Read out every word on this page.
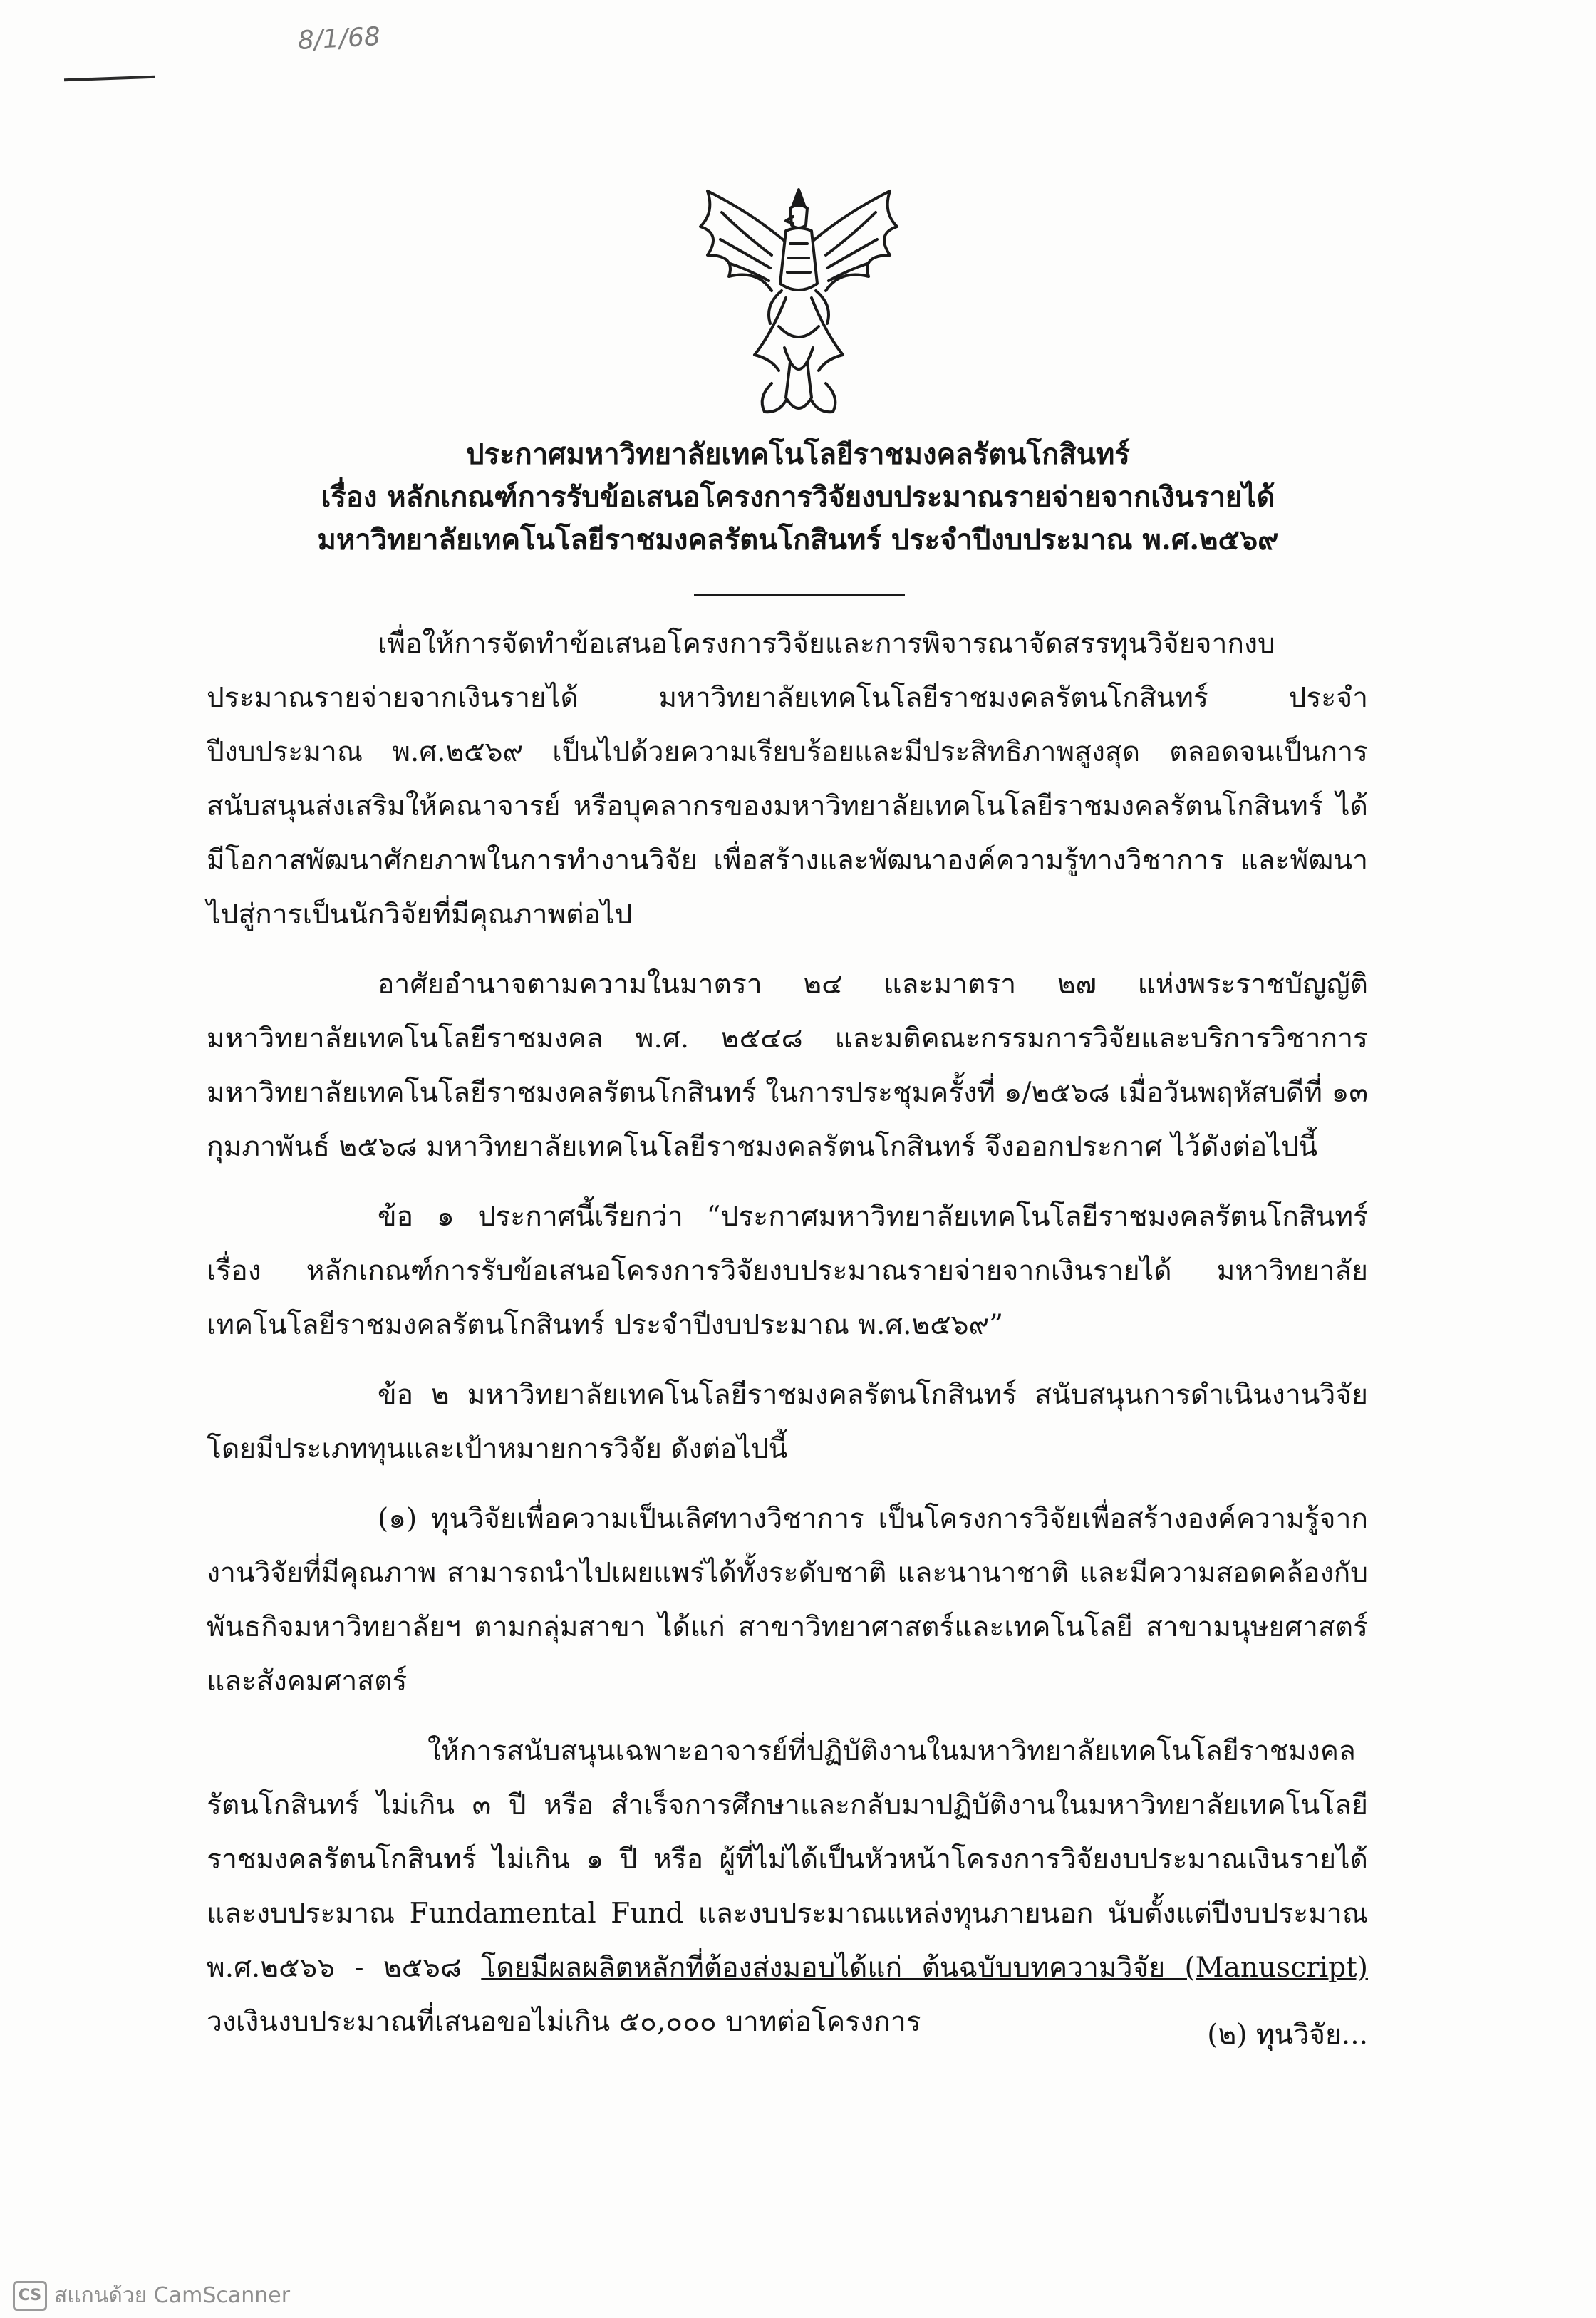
8/1/68
ประกาศมหาวิทยาลัยเทคโนโลยีราชมงคลรัตนโกสินทร์
เรื่อง หลักเกณฑ์การรับข้อเสนอโครงการวิจัยงบประมาณรายจ่ายจากเงินรายได้
มหาวิทยาลัยเทคโนโลยีราชมงคลรัตนโกสินทร์ ประจำปีงบประมาณ พ.ศ.๒๕๖๙

เพื่อให้การจัดทำข้อเสนอโครงการวิจัยและการพิจารณาจัดสรรทุนวิจัยจากงบประมาณรายจ่ายจากเงินรายได้ มหาวิทยาลัยเทคโนโลยีราชมงคลรัตนโกสินทร์ ประจำปีงบประมาณ พ.ศ.๒๕๖๙ เป็นไปด้วยความเรียบร้อยและมีประสิทธิภาพสูงสุด ตลอดจนเป็นการสนับสนุนส่งเสริมให้คณาจารย์ หรือบุคลากรของมหาวิทยาลัยเทคโนโลยีราชมงคลรัตนโกสินทร์ ได้มีโอกาสพัฒนาศักยภาพในการทำงานวิจัย เพื่อสร้างและพัฒนาองค์ความรู้ทางวิชาการ และพัฒนาไปสู่การเป็นนักวิจัยที่มีคุณภาพต่อไป

อาศัยอำนาจตามความในมาตรา ๒๔ และมาตรา ๒๗ แห่งพระราชบัญญัติมหาวิทยาลัยเทคโนโลยีราชมงคล พ.ศ. ๒๕๔๘ และมติคณะกรรมการวิจัยและบริการวิชาการ มหาวิทยาลัยเทคโนโลยีราชมงคลรัตนโกสินทร์ ในการประชุมครั้งที่ ๑/๒๕๖๘ เมื่อวันพฤหัสบดีที่ ๑๓ กุมภาพันธ์ ๒๕๖๘ มหาวิทยาลัยเทคโนโลยีราชมงคลรัตนโกสินทร์ จึงออกประกาศ ไว้ดังต่อไปนี้

ข้อ ๑ ประกาศนี้เรียกว่า “ประกาศมหาวิทยาลัยเทคโนโลยีราชมงคลรัตนโกสินทร์ เรื่อง หลักเกณฑ์การรับข้อเสนอโครงการวิจัยงบประมาณรายจ่ายจากเงินรายได้ มหาวิทยาลัยเทคโนโลยีราชมงคลรัตนโกสินทร์ ประจำปีงบประมาณ พ.ศ.๒๕๖๙”

ข้อ ๒ มหาวิทยาลัยเทคโนโลยีราชมงคลรัตนโกสินทร์ สนับสนุนการดำเนินงานวิจัย โดยมีประเภททุนและเป้าหมายการวิจัย ดังต่อไปนี้

(๑) ทุนวิจัยเพื่อความเป็นเลิศทางวิชาการ เป็นโครงการวิจัยเพื่อสร้างองค์ความรู้จากงานวิจัยที่มีคุณภาพ สามารถนำไปเผยแพร่ได้ทั้งระดับชาติ และนานาชาติ และมีความสอดคล้องกับพันธกิจมหาวิทยาลัยฯ ตามกลุ่มสาขา ได้แก่ สาขาวิทยาศาสตร์และเทคโนโลยี สาขามนุษยศาสตร์และสังคมศาสตร์

ให้การสนับสนุนเฉพาะอาจารย์ที่ปฏิบัติงานในมหาวิทยาลัยเทคโนโลยีราชมงคลรัตนโกสินทร์ ไม่เกิน ๓ ปี หรือ สำเร็จการศึกษาและกลับมาปฏิบัติงานในมหาวิทยาลัยเทคโนโลยีราชมงคลรัตนโกสินทร์ ไม่เกิน ๑ ปี หรือ ผู้ที่ไม่ได้เป็นหัวหน้าโครงการวิจัยงบประมาณเงินรายได้ และงบประมาณ Fundamental Fund และงบประมาณแหล่งทุนภายนอก นับตั้งแต่ปีงบประมาณ พ.ศ.๒๕๖๖ - ๒๕๖๘ โดยมีผลผลิตหลักที่ต้องส่งมอบได้แก่ ต้นฉบับบทความวิจัย (Manuscript) วงเงินงบประมาณที่เสนอขอไม่เกิน ๕๐,๐๐๐ บาทต่อโครงการ	(๒) ทุนวิจัย...
CS สแกนด้วย CamScanner
